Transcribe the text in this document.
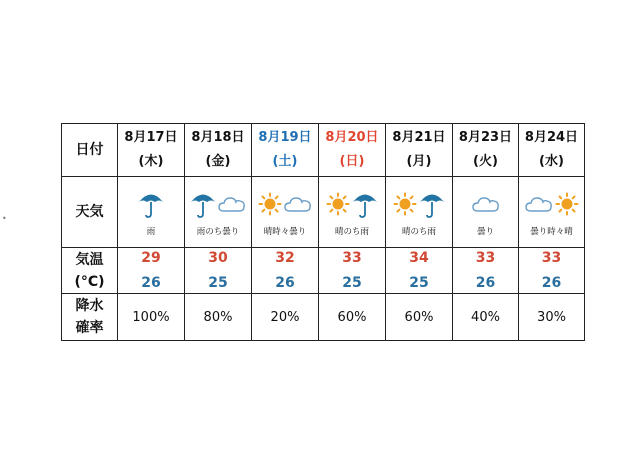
•
日付
天気
気温
(°C)
降水
確率
8月17日
(木)
雨
29
26
100%
8月18日
(金)
雨のち曇り
30
25
80%
8月19日
(土)
晴時々曇り
32
26
20%
8月20日
(日)
晴のち雨
33
25
60%
8月21日
(月)
晴のち雨
34
25
60%
8月23日
(火)
曇り
33
26
40%
8月24日
(水)
曇り時々晴
33
26
30%
